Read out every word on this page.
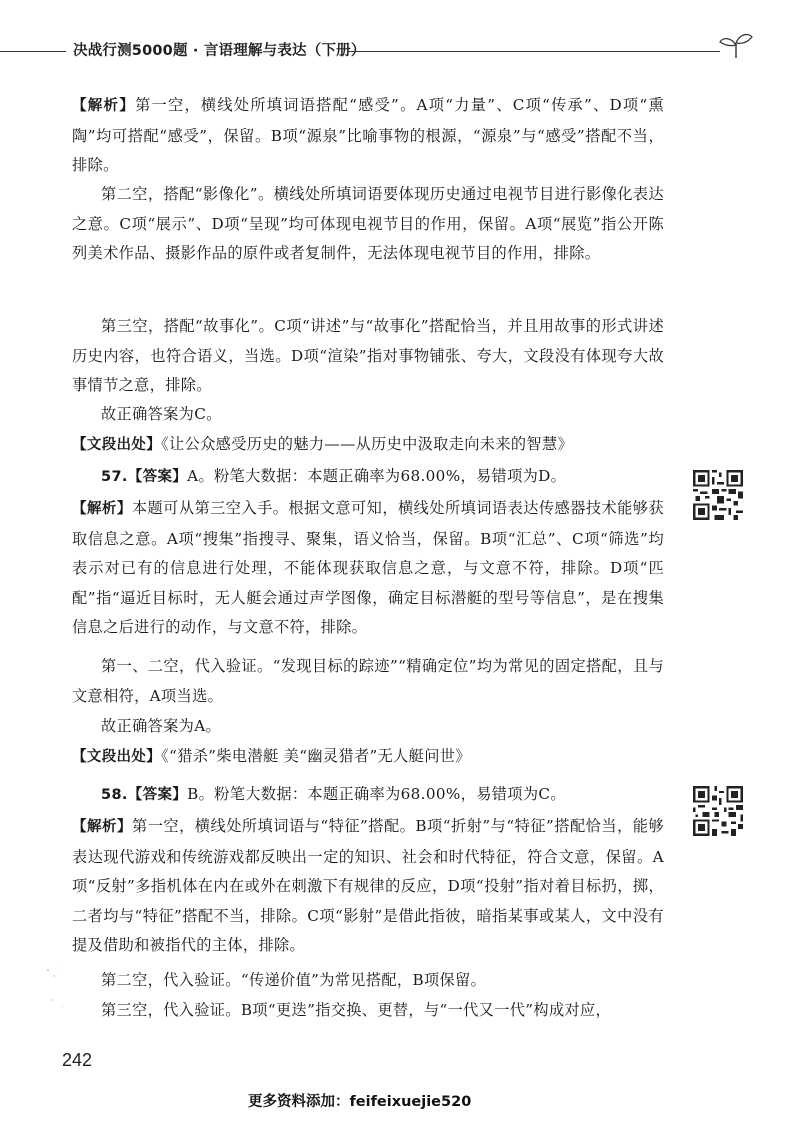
决战行测5000题 · 言语理解与表达（下册）

【解析】第一空，横线处所填词语搭配“感受”。A项“力量”、C项“传承”、D项“熏陶”均可搭配“感受”，保留。B项“源泉”比喻事物的根源，“源泉”与“感受”搭配不当，排除。

第二空，搭配“影像化”。横线处所填词语要体现历史通过电视节目进行影像化表达之意。C项“展示”、D项“呈现”均可体现电视节目的作用，保留。A项“展览”指公开陈列美术作品、摄影作品的原件或者复制件，无法体现电视节目的作用，排除。

第三空，搭配“故事化”。C项“讲述”与“故事化”搭配恰当，并且用故事的形式讲述历史内容，也符合语义，当选。D项“渲染”指对事物铺张、夸大，文段没有体现夸大故事情节之意，排除。

故正确答案为C。

【文段出处】《让公众感受历史的魅力——从历史中汲取走向未来的智慧》

57.【答案】A。粉笔大数据：本题正确率为68.00%，易错项为D。

【解析】本题可从第三空入手。根据文意可知，横线处所填词语表达传感器技术能够获取信息之意。A项“搜集”指搜寻、聚集，语义恰当，保留。B项“汇总”、C项“筛选”均表示对已有的信息进行处理，不能体现获取信息之意，与文意不符，排除。D项“匹配”指“逼近目标时，无人艇会通过声学图像，确定目标潜艇的型号等信息”，是在搜集信息之后进行的动作，与文意不符，排除。

第一、二空，代入验证。“发现目标的踪迹”“精确定位”均为常见的固定搭配，且与文意相符，A项当选。

故正确答案为A。

【文段出处】《“猎杀”柴电潜艇 美“幽灵猎者”无人艇问世》

58.【答案】B。粉笔大数据：本题正确率为68.00%，易错项为C。

【解析】第一空，横线处所填词语与“特征”搭配。B项“折射”与“特征”搭配恰当，能够表达现代游戏和传统游戏都反映出一定的知识、社会和时代特征，符合文意，保留。A项“反射”多指机体在内在或外在刺激下有规律的反应，D项“投射”指对着目标扔，掷，二者均与“特征”搭配不当，排除。C项“影射”是借此指彼，暗指某事或某人，文中没有提及借助和被指代的主体，排除。

第二空，代入验证。“传递价值”为常见搭配，B项保留。

第三空，代入验证。B项“更迭”指交换、更替，与“一代又一代”构成对应，

242
更多资料添加：feifeixuejie520
